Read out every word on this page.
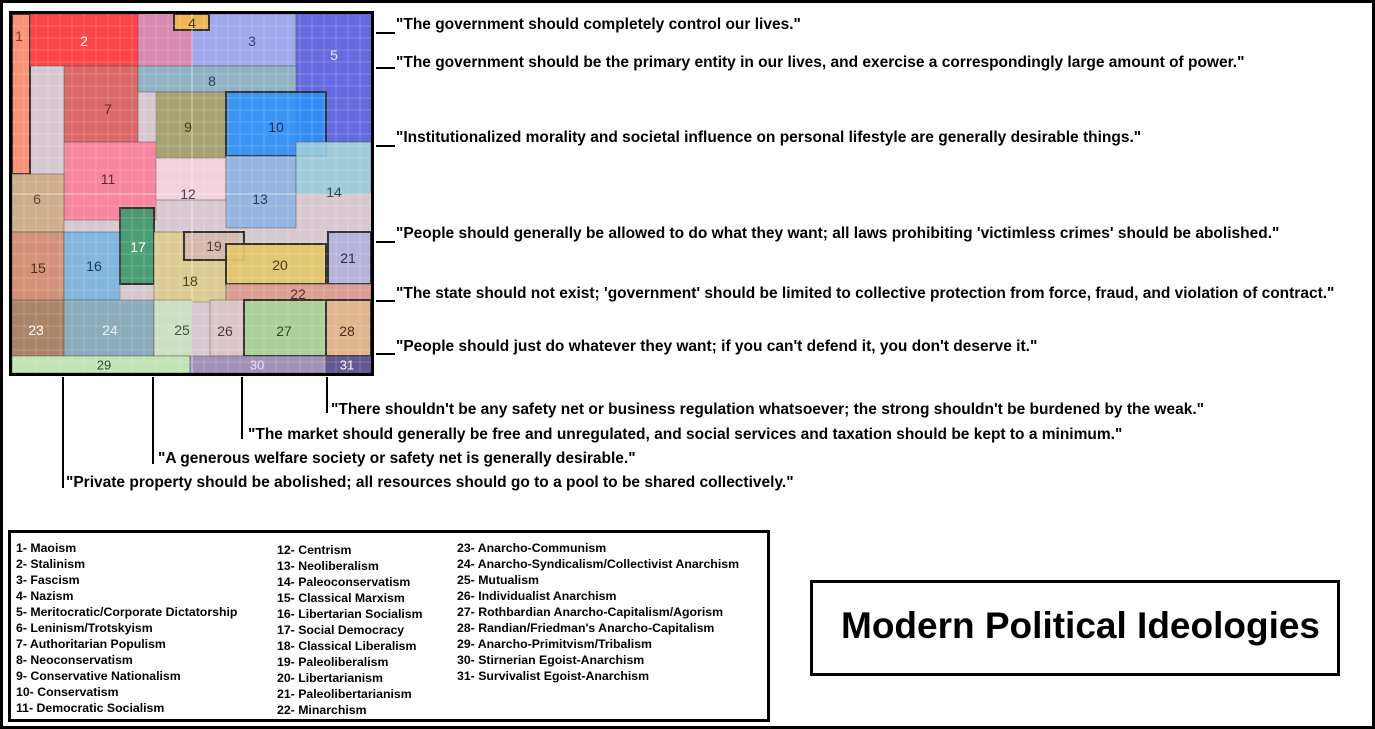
1	2	3
5
4
7
8
9	10
11
12	13	14
6
15	16
17
18
19
20	21
22
23	24	25 26	27	28
29	30	31
"The government should completely control our lives."
"The government should be the primary entity in our lives, and exercise a correspondingly large amount of power."
"Institutionalized morality and societal influence on personal lifestyle are generally desirable things."
"People should generally be allowed to do what they want; all laws prohibiting 'victimless crimes' should be abolished."
"The state should not exist; 'government' should be limited to collective protection from force, fraud, and violation of contract."
"People should just do whatever they want; if you can't defend it, you don't deserve it."
"There shouldn't be any safety net or business regulation whatsoever; the strong shouldn't be burdened by the weak."
"The market should generally be free and unregulated, and social services and taxation should be kept to a minimum."
"A generous welfare society or safety net is generally desirable."
"Private property should be abolished; all resources should go to a pool to be shared collectively."
1- Maoism
2- Stalinism
3- Fascism
4- Nazism
5- Meritocratic/Corporate Dictatorship
6- Leninism/Trotskyism
7- Authoritarian Populism
8- Neoconservatism
9- Conservative Nationalism
10- Conservatism
11- Democratic Socialism
12- Centrism
13- Neoliberalism
14- Paleoconservatism
15- Classical Marxism
16- Libertarian Socialism
17- Social Democracy
18- Classical Liberalism
19- Paleoliberalism
20- Libertarianism
21- Paleolibertarianism
22- Minarchism
23- Anarcho-Communism
24- Anarcho-Syndicalism/Collectivist Anarchism
25- Mutualism
26- Individualist Anarchism
27- Rothbardian Anarcho-Capitalism/Agorism
28- Randian/Friedman's Anarcho-Capitalism
29- Anarcho-Primitvism/Tribalism
30- Stirnerian Egoist-Anarchism
31- Survivalist Egoist-Anarchism
Modern Political Ideologies
